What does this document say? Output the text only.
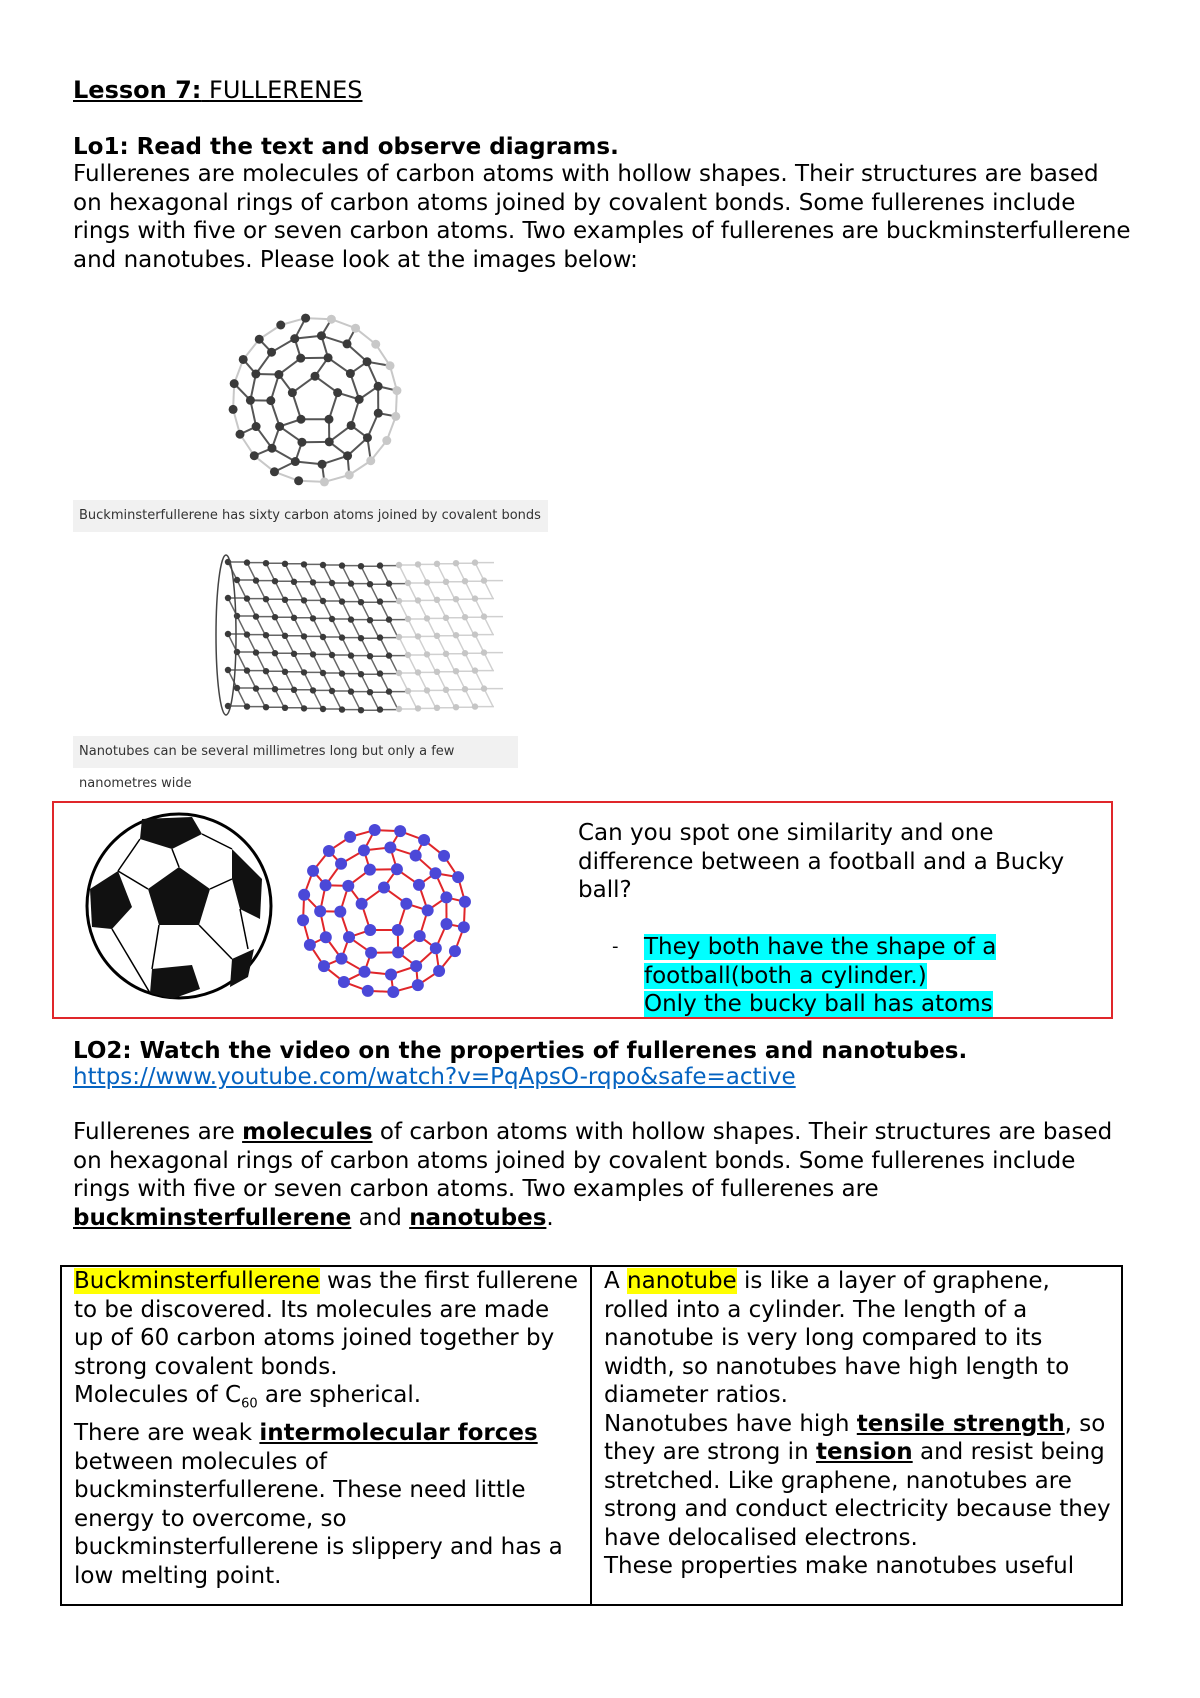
Lesson 7: FULLERENES
Lo1: Read the text and observe diagrams.
Fullerenes are molecules of carbon atoms with hollow shapes. Their structures are based on hexagonal rings of carbon atoms joined by covalent bonds. Some fullerenes include rings with five or seven carbon atoms. Two examples of fullerenes are buckminsterfullerene and nanotubes. Please look at the images below:
Buckminsterfullerene has sixty carbon atoms joined by covalent bonds
Nanotubes can be several millimetres long but only a few nanometres wide
Can you spot one similarity and one difference between a football and a Bucky ball?
- They both have the shape of a
football(both a cylinder.)
Only the bucky ball has atoms
LO2: Watch the video on the properties of fullerenes and nanotubes.
https://www.youtube.com/watch?v=PqApsO-rqpo&safe=active
Fullerenes are molecules of carbon atoms with hollow shapes. Their structures are based on hexagonal rings of carbon atoms joined by covalent bonds. Some fullerenes include rings with five or seven carbon atoms. Two examples of fullerenes are buckminsterfullerene and nanotubes.
Buckminsterfullerene was the first fullerene to be discovered. Its molecules are made up of 60 carbon atoms joined together by strong covalent bonds.
Molecules of $C_{60}$ are spherical.
There are weak intermolecular forces between molecules of buckminsterfullerene. These need little energy to overcome, so buckminsterfullerene is slippery and has a low melting point.
A nanotube is like a layer of graphene, rolled into a cylinder. The length of a nanotube is very long compared to its width, so nanotubes have high length to diameter ratios.
Nanotubes have high tensile strength, so they are strong in tension and resist being stretched. Like graphene, nanotubes are strong and conduct electricity because they have delocalised electrons.
These properties make nanotubes useful
